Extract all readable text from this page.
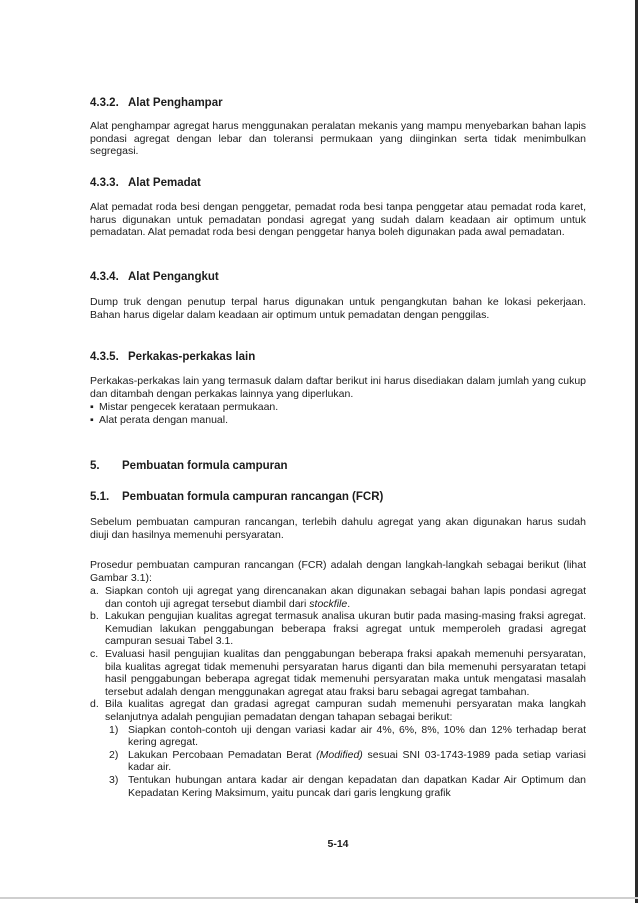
4.3.2. Alat Penghampar

Alat penghampar agregat harus menggunakan peralatan mekanis yang mampu menyebarkan bahan lapis pondasi agregat dengan lebar dan toleransi permukaan yang diinginkan serta tidak menimbulkan segregasi.

4.3.3. Alat Pemadat

Alat pemadat roda besi dengan penggetar, pemadat roda besi tanpa penggetar atau pemadat roda karet, harus digunakan untuk pemadatan pondasi agregat yang sudah dalam keadaan air optimum untuk pemadatan. Alat pemadat roda besi dengan penggetar hanya boleh digunakan pada awal pemadatan.

4.3.4. Alat Pengangkut

Dump truk dengan penutup terpal harus digunakan untuk pengangkutan bahan ke lokasi pekerjaan. Bahan harus digelar dalam keadaan air optimum untuk pemadatan dengan penggilas.

4.3.5. Perkakas-perkakas lain

Perkakas-perkakas lain yang termasuk dalam daftar berikut ini harus disediakan dalam jumlah yang cukup dan ditambah dengan perkakas lainnya yang diperlukan.

▪ Mistar pengecek kerataan permukaan.
▪ Alat perata dengan manual.
5. Pembuatan formula campuran
5.1. Pembuatan formula campuran rancangan (FCR)

Sebelum pembuatan campuran rancangan, terlebih dahulu agregat yang akan digunakan harus sudah diuji dan hasilnya memenuhi persyaratan.

Prosedur pembuatan campuran rancangan (FCR) adalah dengan langkah-langkah sebagai berikut (lihat Gambar 3.1):

a. Siapkan contoh uji agregat yang direncanakan akan digunakan sebagai bahan lapis pondasi agregat dan contoh uji agregat tersebut diambil dari stockfile.
b. Lakukan pengujian kualitas agregat termasuk analisa ukuran butir pada masing-masing fraksi agregat. Kemudian lakukan penggabungan beberapa fraksi agregat untuk memperoleh gradasi agregat campuran sesuai Tabel 3.1.
c. Evaluasi hasil pengujian kualitas dan penggabungan beberapa fraksi apakah memenuhi persyaratan, bila kualitas agregat tidak memenuhi persyaratan harus diganti dan bila memenuhi persyaratan tetapi hasil penggabungan beberapa agregat tidak memenuhi persyaratan maka untuk mengatasi masalah tersebut adalah dengan menggunakan agregat atau fraksi baru sebagai agregat tambahan.
d. Bila kualitas agregat dan gradasi agregat campuran sudah memenuhi persyaratan maka langkah selanjutnya adalah pengujian pemadatan dengan tahapan sebagai berikut:
1) Siapkan contoh-contoh uji dengan variasi kadar air 4%, 6%, 8%, 10% dan 12% terhadap berat kering agregat.
2) Lakukan Percobaan Pemadatan Berat (Modified) sesuai SNI 03-1743-1989 pada setiap variasi kadar air.
3) Tentukan hubungan antara kadar air dengan kepadatan dan dapatkan Kadar Air Optimum dan Kepadatan Kering Maksimum, yaitu puncak dari garis lengkung grafik
5-14
